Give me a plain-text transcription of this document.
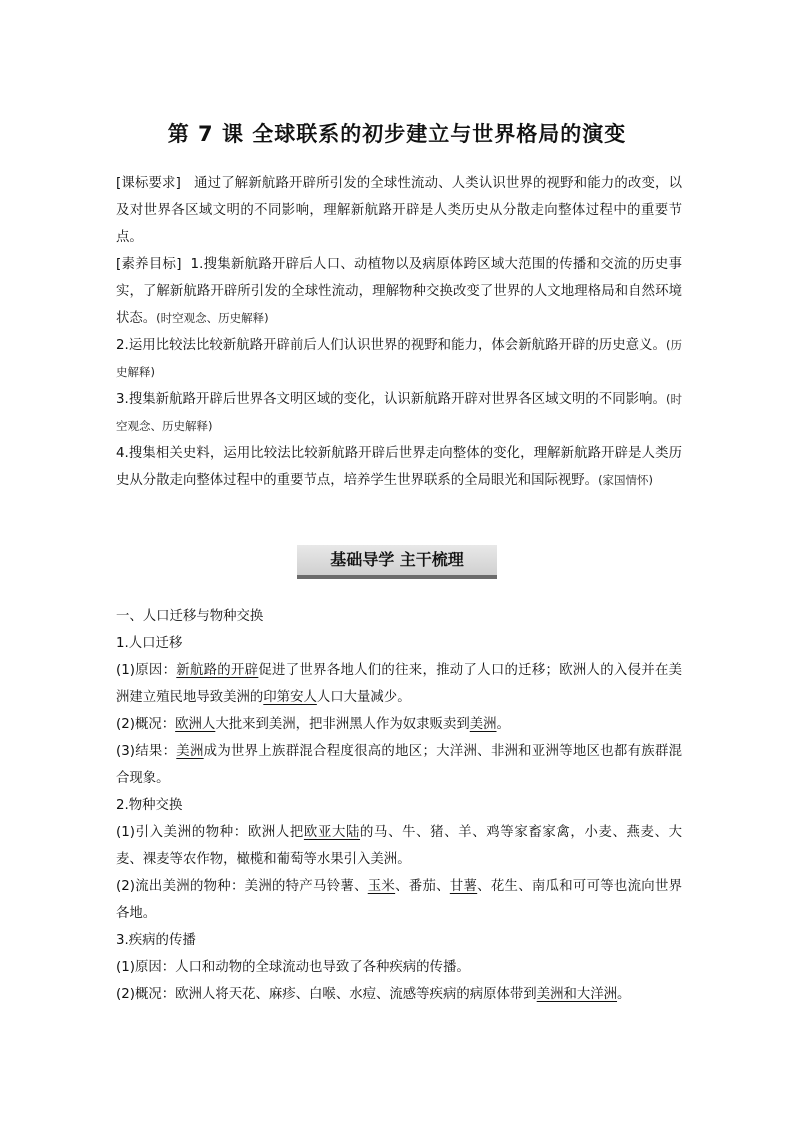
第 7 课 全球联系的初步建立与世界格局的演变

[课标要求] 通过了解新航路开辟所引发的全球性流动、人类认识世界的视野和能力的改变，以及对世界各区域文明的不同影响，理解新航路开辟是人类历史从分散走向整体过程中的重要节点。

[素养目标] 1.搜集新航路开辟后人口、动植物以及病原体跨区域大范围的传播和交流的历史事实，了解新航路开辟所引发的全球性流动，理解物种交换改变了世界的人文地理格局和自然环境状态。(时空观念、历史解释)

2.运用比较法比较新航路开辟前后人们认识世界的视野和能力，体会新航路开辟的历史意义。(历史解释)

3.搜集新航路开辟后世界各文明区域的变化，认识新航路开辟对世界各区域文明的不同影响。(时空观念、历史解释)

4.搜集相关史料，运用比较法比较新航路开辟后世界走向整体的变化，理解新航路开辟是人类历史从分散走向整体过程中的重要节点，培养学生世界联系的全局眼光和国际视野。(家国情怀)

基础导学 主干梳理

一、人口迁移与物种交换

1.人口迁移

(1)原因：新航路的开辟促进了世界各地人们的往来，推动了人口的迁移；欧洲人的入侵并在美洲建立殖民地导致美洲的印第安人人口大量减少。

(2)概况：欧洲人大批来到美洲，把非洲黑人作为奴隶贩卖到美洲。

(3)结果：美洲成为世界上族群混合程度很高的地区；大洋洲、非洲和亚洲等地区也都有族群混合现象。

2.物种交换

(1)引入美洲的物种：欧洲人把欧亚大陆的马、牛、猪、羊、鸡等家畜家禽，小麦、燕麦、大麦、裸麦等农作物，橄榄和葡萄等水果引入美洲。

(2)流出美洲的物种：美洲的特产马铃薯、玉米、番茄、甘薯、花生、南瓜和可可等也流向世界各地。

3.疾病的传播

(1)原因：人口和动物的全球流动也导致了各种疾病的传播。

(2)概况：欧洲人将天花、麻疹、白喉、水痘、流感等疾病的病原体带到美洲和大洋洲。
